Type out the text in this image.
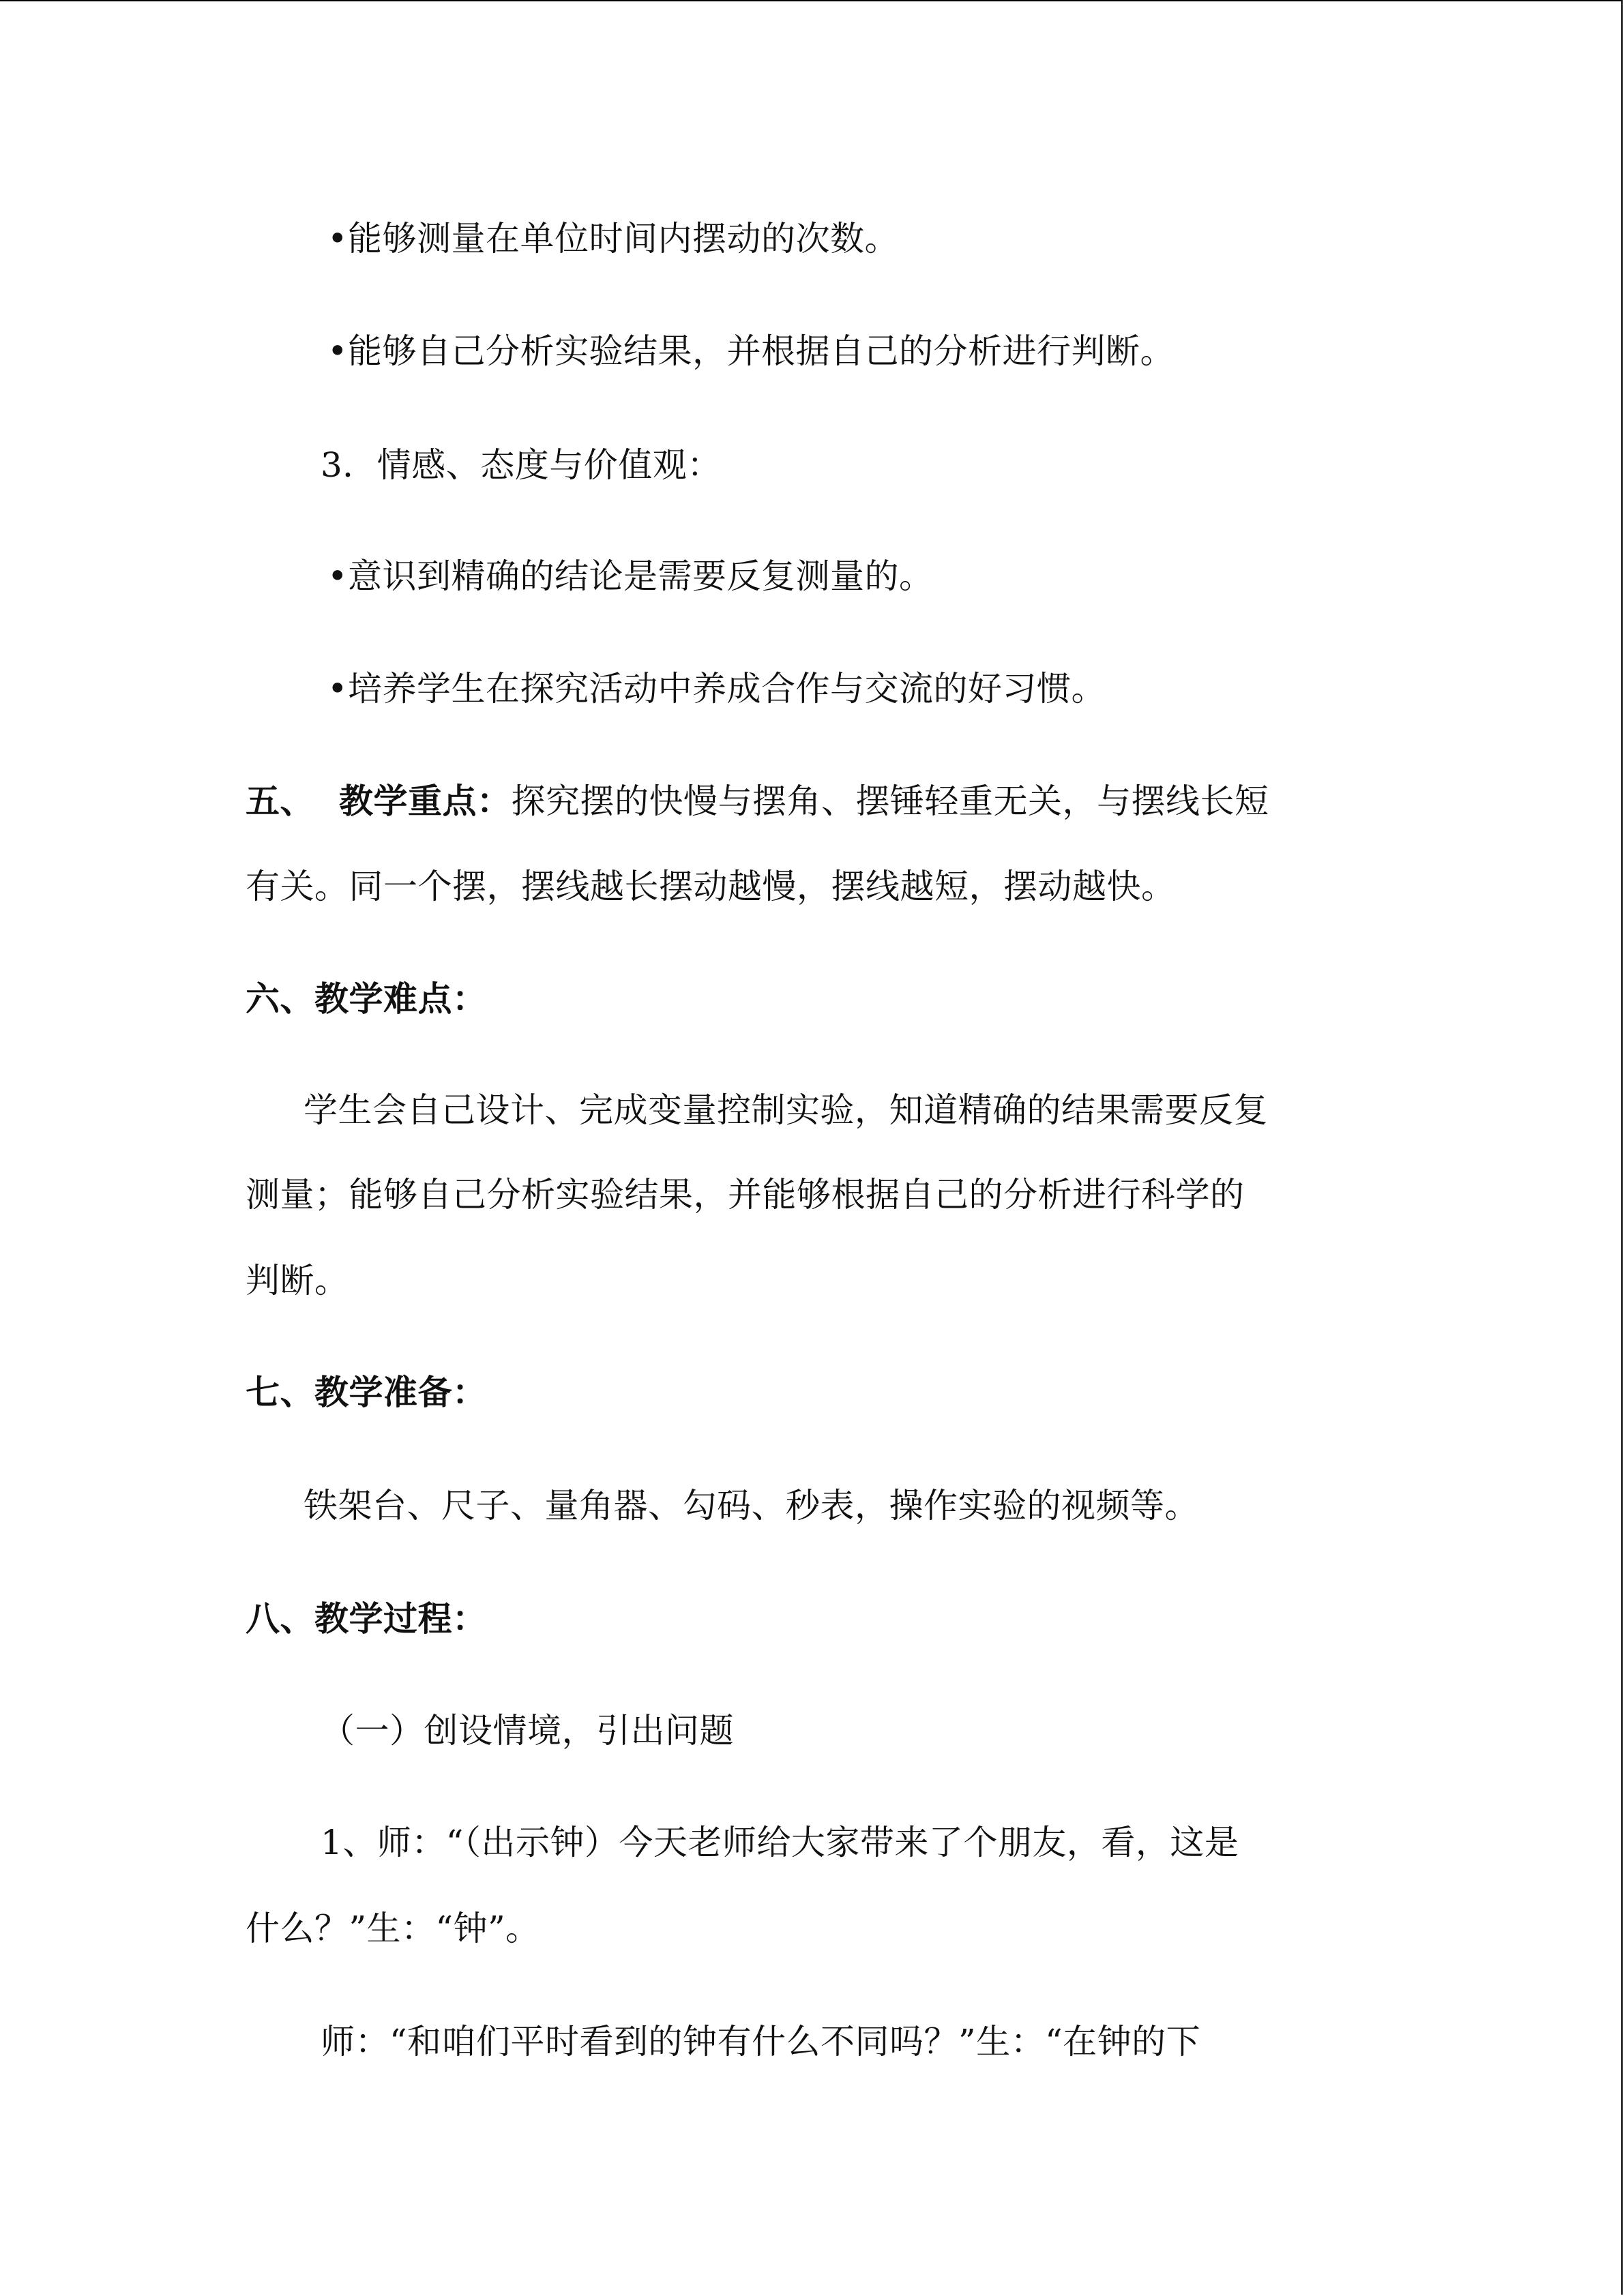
•能够测量在单位时间内摆动的次数。
•能够自己分析实验结果，并根据自己的分析进行判断。
3．情感、态度与价值观：
•意识到精确的结论是需要反复测量的。
•培养学生在探究活动中养成合作与交流的好习惯。
五、 教学重点：探究摆的快慢与摆角、摆锤轻重无关，与摆线长短
有关。同一个摆，摆线越长摆动越慢，摆线越短，摆动越快。
六、教学难点：
学生会自己设计、完成变量控制实验，知道精确的结果需要反复
测量；能够自己分析实验结果，并能够根据自己的分析进行科学的
判断。
七、教学准备：
铁架台、尺子、量角器、勾码、秒表，操作实验的视频等。
八、教学过程：
（一）创设情境，引出问题
1、师：“（出示钟）今天老师给大家带来了个朋友，看，这是
什么？”生：“钟”。
师：“和咱们平时看到的钟有什么不同吗？”生：“在钟的下
